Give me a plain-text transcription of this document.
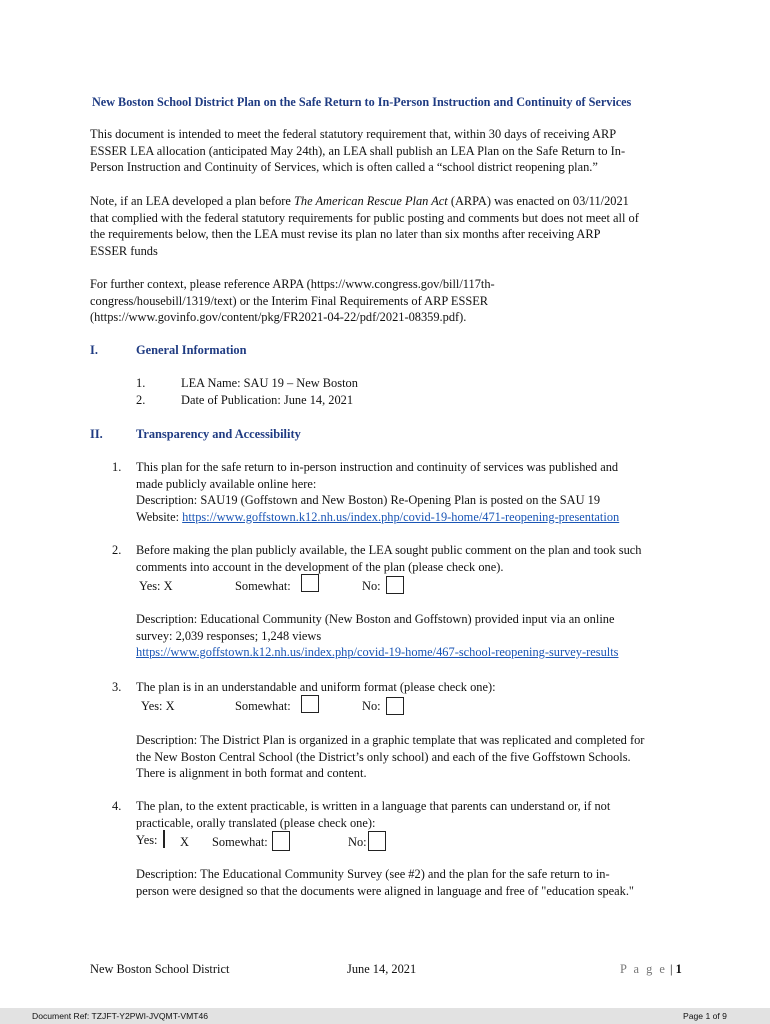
New Boston School District Plan on the Safe Return to In-Person Instruction and Continuity of Services
This document is intended to meet the federal statutory requirement that, within 30 days of receiving ARP
ESSER LEA allocation (anticipated May 24th), an LEA shall publish an LEA Plan on the Safe Return to In-
Person Instruction and Continuity of Services, which is often called a “school district reopening plan.”
Note, if an LEA developed a plan before The American Rescue Plan Act (ARPA) was enacted on 03/11/2021
that complied with the federal statutory requirements for public posting and comments but does not meet all of
the requirements below, then the LEA must revise its plan no later than six months after receiving ARP
ESSER funds
For further context, please reference ARPA (https://www.congress.gov/bill/117th-
congress/housebill/1319/text) or the Interim Final Requirements of ARP ESSER
(https://www.govinfo.gov/content/pkg/FR2021-04-22/pdf/2021-08359.pdf).
I.	General Information
1.	LEA Name: SAU 19 – New Boston
2.	Date of Publication: June 14, 2021
II.	Transparency and Accessibility
1. This plan for the safe return to in-person instruction and continuity of services was published and
made publicly available online here:
Description: SAU19 (Goffstown and New Boston) Re-Opening Plan is posted on the SAU 19
Website: https://www.goffstown.k12.nh.us/index.php/covid-19-home/471-reopening-presentation
2. Before making the plan publicly available, the LEA sought public comment on the plan and took such
comments into account in the development of the plan (please check one).
Yes: X	Somewhat:	No:
Description: Educational Community (New Boston and Goffstown) provided input via an online
survey: 2,039 responses; 1,248 views
https://www.goffstown.k12.nh.us/index.php/covid-19-home/467-school-reopening-survey-results
3. The plan is in an understandable and uniform format (please check one):
Yes: X	Somewhat:	No:
Description: The District Plan is organized in a graphic template that was replicated and completed for
the New Boston Central School (the District’s only school) and each of the five Goffstown Schools.
There is alignment in both format and content.
4. The plan, to the extent practicable, is written in a language that parents can understand or, if not
practicable, orally translated (please check one):
Yes: X Somewhat:	No:
Description: The Educational Community Survey (see #2) and the plan for the safe return to in-
person were designed so that the documents were aligned in language and free of "education speak."
New Boston School District	June 14, 2021	P a g e | 1
Document Ref: TZJFT-Y2PWI-JVQMT-VMT46	Page 1 of 9
